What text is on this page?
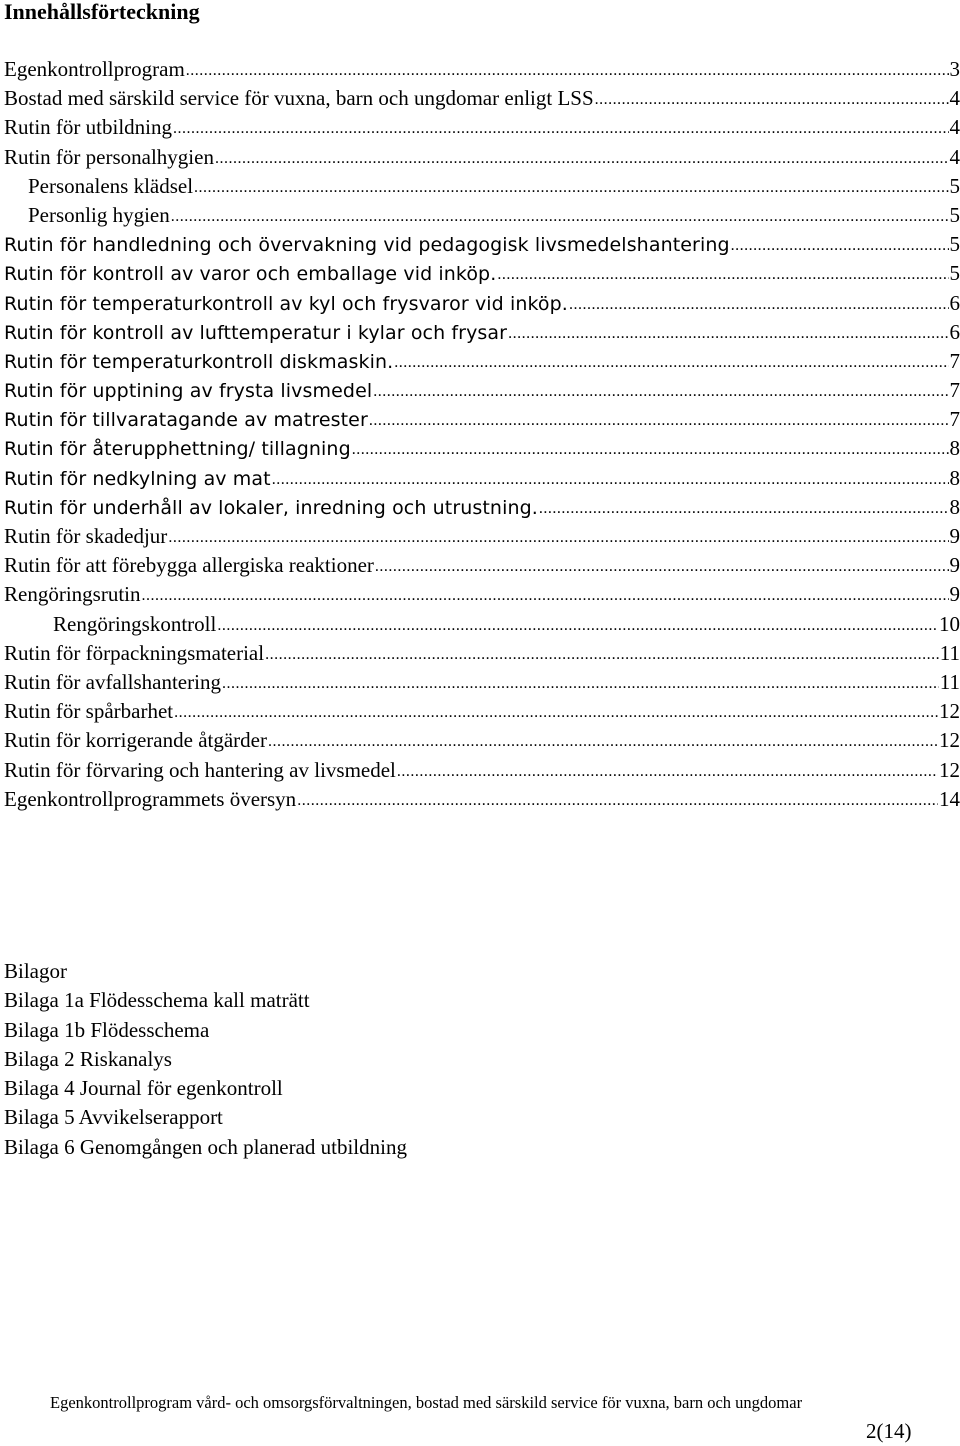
Innehållsförteckning
Egenkontrollprogram .....	3
Bostad med särskild service för vuxna, barn och ungdomar enligt LSS .....	4
Rutin för utbildning .....	4
Rutin för personalhygien .....	4
Personalens klädsel .....	5
Personlig hygien .....	5
Rutin för handledning och övervakning vid pedagogisk livsmedelshantering .....	5
Rutin för kontroll av varor och emballage vid inköp. .....	5
Rutin för temperaturkontroll av kyl och frysvaror vid inköp. .....	6
Rutin för kontroll av lufttemperatur i kylar och frysar .....	6
Rutin för temperaturkontroll diskmaskin. .....	7
Rutin för upptining av frysta livsmedel .....	7
Rutin för tillvaratagande av matrester .....	7
Rutin för återupphettning/ tillagning .....	8
Rutin för nedkylning av mat .....	8
Rutin för underhåll av lokaler, inredning och utrustning. .....	8
Rutin för skadedjur .....	9
Rutin för att förebygga allergiska reaktioner .....	9
Rengöringsrutin .....	9
Rengöringskontroll .....	10
Rutin för förpackningsmaterial .....	11
Rutin för avfallshantering .....	11
Rutin för spårbarhet .....	12
Rutin för korrigerande åtgärder .....	12
Rutin för förvaring och hantering av livsmedel .....	12
Egenkontrollprogrammets översyn .....	14
Bilagor
Bilaga 1a Flödesschema kall maträtt
Bilaga 1b Flödesschema
Bilaga 2 Riskanalys
Bilaga 4 Journal för egenkontroll
Bilaga 5 Avvikelserapport
Bilaga 6 Genomgången och planerad utbildning
Egenkontrollprogram vård- och omsorgsförvaltningen, bostad med särskild service för vuxna, barn och ungdomar
2(14)
